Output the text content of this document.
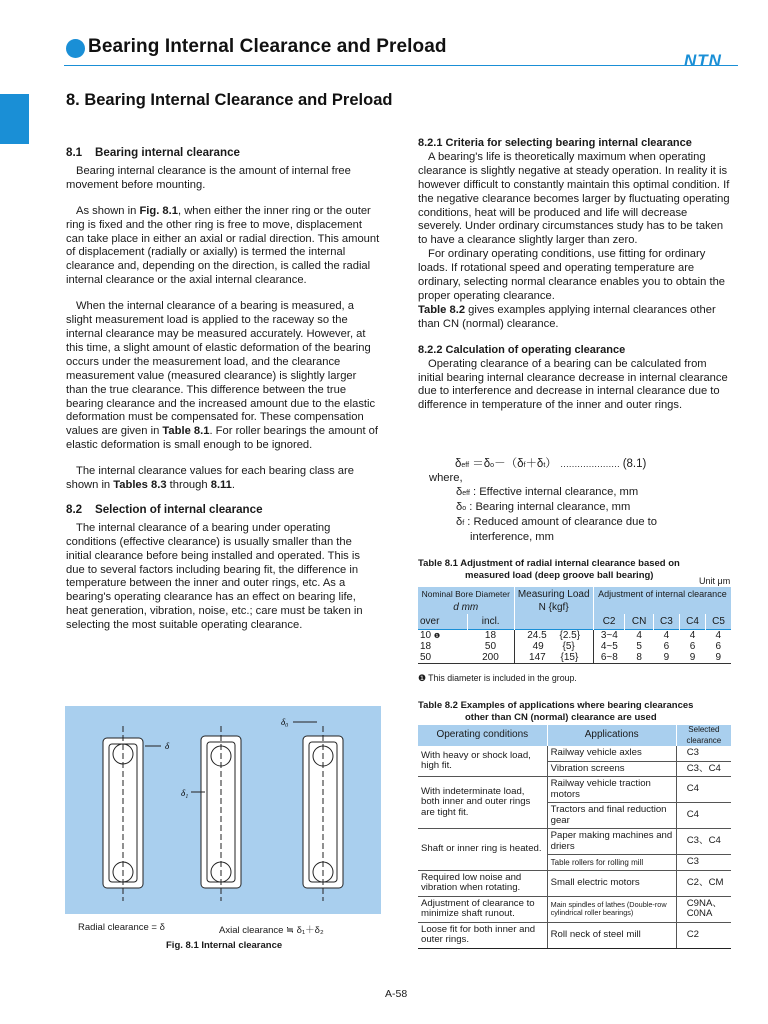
Bearing Internal Clearance and Preload
NTN
8. Bearing Internal Clearance and Preload

8.1    Bearing internal clearance

Bearing internal clearance is the amount of internal free movement before mounting.

As shown in Fig. 8.1, when either the inner ring or the outer ring is fixed and the other ring is free to move, displacement can take place in either an axial or radial direction. This amount of displacement (radially or axially) is termed the internal clearance and, depending on the direction, is called the radial internal clearance or the axial internal clearance.

When the internal clearance of a bearing is measured, a slight measurement load is applied to the raceway so the internal clearance may be measured accurately. However, at this time, a slight amount of elastic deformation of the bearing occurs under the measurement load, and the clearance measurement value (measured clearance) is slightly larger than the true clearance. This difference between the true bearing clearance and the increased amount due to the elastic deformation must be compensated for. These compensation values are given in Table 8.1. For roller bearings the amount of elastic deformation is small enough to be ignored.

The internal clearance values for each bearing class are shown in Tables 8.3 through 8.11.

8.2    Selection of internal clearance

The internal clearance of a bearing under operating conditions (effective clearance) is usually smaller than the initial clearance before being installed and operated. This is due to several factors including bearing fit, the difference in temperature between the inner and outer rings, etc. As a bearing's operating clearance has an effect on bearing life, heat generation, vibration, noise, etc.; care must be taken in selecting the most suitable operating clearance.

δ
δ₁
δ₀
Radial clearance = δ	Axial clearance ≒ δ₁＋δ₂
Fig. 8.1 Internal clearance

8.2.1 Criteria for selecting bearing internal clearance

A bearing's life is theoretically maximum when operating clearance is slightly negative at steady operation. In reality it is however difficult to constantly maintain this optimal condition. If the negative clearance becomes larger by fluctuating operating conditions, heat will be produced and life will decrease severely. Under ordinary circumstances study has to be taken to have a clearance slightly larger than zero.

For ordinary operating conditions, use fitting for ordinary loads. If rotational speed and operating temperature are ordinary, selecting normal clearance enables you to obtain the proper operating clearance.

Table 8.2 gives examples applying internal clearances other than CN (normal) clearance.

8.2.2 Calculation of operating clearance

Operating clearance of a bearing can be calculated from initial bearing internal clearance decrease in internal clearance due to interference and decrease in internal clearance due to difference in temperature of the inner and outer rings.

δeff ＝δo－（δf＋δt） ………………… (8.1)

where,

δeff : Effective internal clearance, mm

δo : Bearing internal clearance, mm

δf : Reduced amount of clearance due to

interference, mm

Table 8.1 Adjustment of radial internal clearance based on
measured load (deep groove ball bearing)	Unit μm
Nominal Bore Diameter		Measuring Load	Adjustment of internal clearance				
d mm		N {kgf}					
over	incl.		C2	CN	C3	C4	C5
10 ❶	18	24.5 {2.5}	3~4	4	4	4	4
18	50	49 {5}	4~5	5	6	6	6
50	200	147 {15}	6~8	8	9	9	9
❶ This diameter is included in the group.
Table 8.2 Examples of applications where bearing clearances
other than CN (normal) clearance are used
Operating conditions	Applications	Selected clearance
With heavy or shock load, high fit.	Railway vehicle axles	C3
	Vibration screens	C3、C4
With indeterminate load, both inner and outer rings are tight fit.	Railway vehicle traction motors	C4
	Tractors and final reduction gear	C4
Shaft or inner ring is heated.	Paper making machines and driers	C3、C4
	Table rollers for rolling mill	C3
Required low noise and vibration when rotating.	Small electric motors	C2、CM
Adjustment of clearance to minimize shaft runout.	Main spindles of lathes (Double-row cylindrical roller bearings)	C9NA、C0NA
Loose fit for both inner and outer rings.	Roll neck of steel mill	C2
A-58
